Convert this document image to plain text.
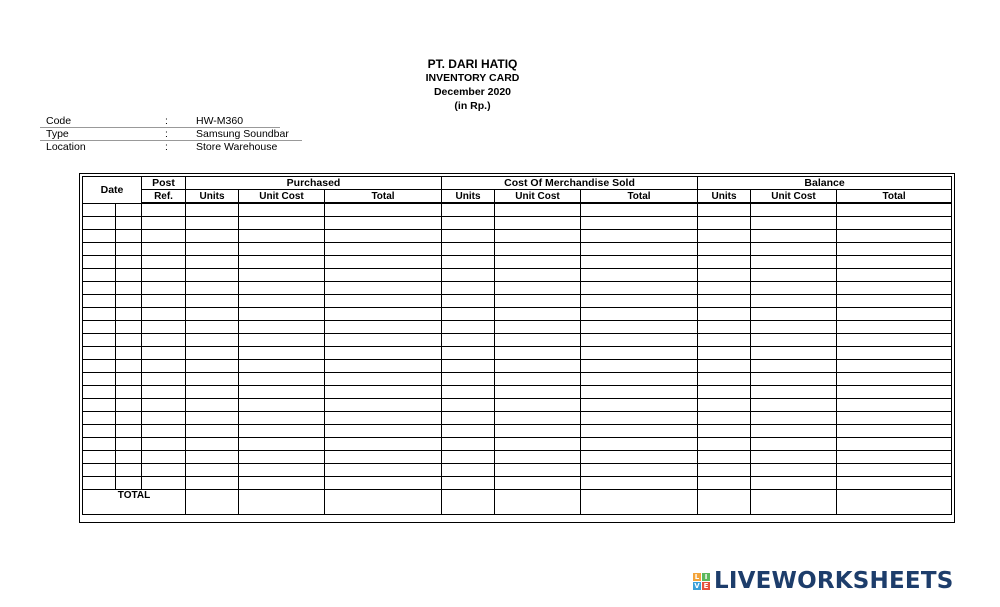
PT. DARI HATIQ
INVENTORY CARD
December 2020
(in Rp.)
Code	:	HW-M360
Type	:	Samsung Soundbar
Location	:	Store Warehouse
Date		Post	Purchased			Cost Of Merchandise Sold			Balance		
		Ref.	Units	Unit Cost	Total	Units	Unit Cost	Total	Units	Unit Cost	Total

TOTAL											
L I
V E LIVEWORKSHEETS
